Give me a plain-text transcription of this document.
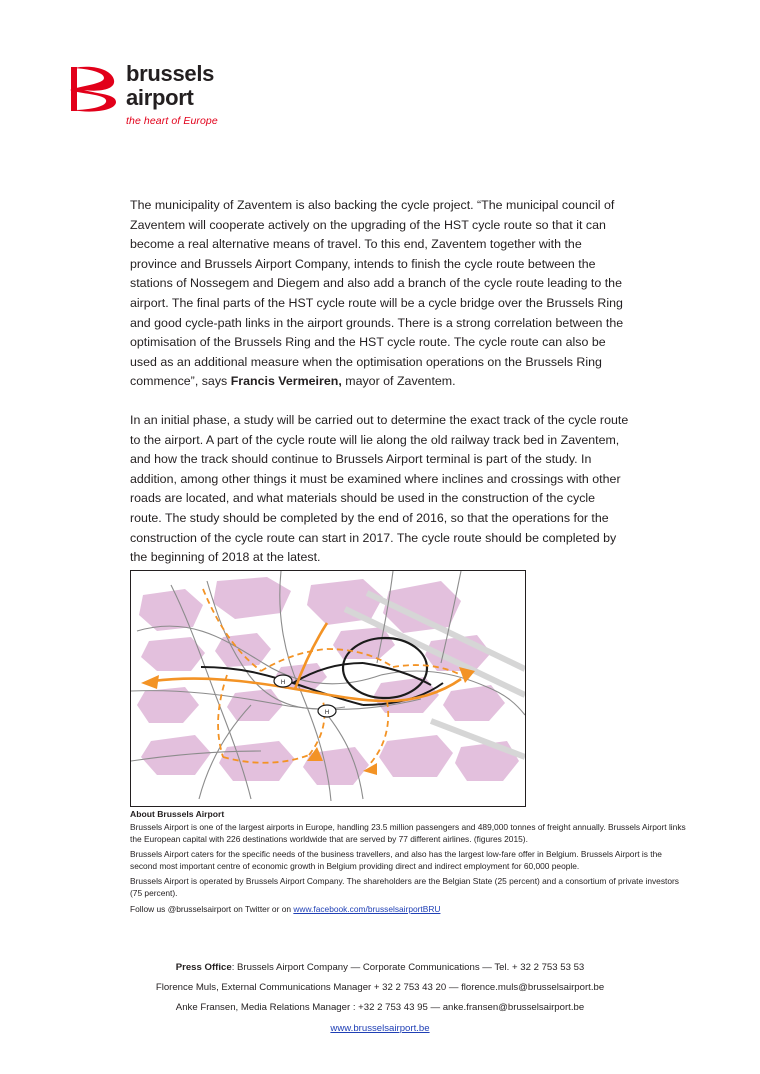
brussels
airport
the heart of Europe

The municipality of Zaventem is also backing the cycle project. “The municipal council of Zaventem will cooperate actively on the upgrading of the HST cycle route so that it can become a real alternative means of travel. To this end, Zaventem together with the province and Brussels Airport Company, intends to finish the cycle route between the stations of Nossegem and Diegem and also add a branch of the cycle route leading to the airport. The final parts of the HST cycle route will be a cycle bridge over the Brussels Ring and good cycle-path links in the airport grounds. There is a strong correlation between the optimisation of the Brussels Ring and the HST cycle route. The cycle route can also be used as an additional measure when the optimisation operations on the Brussels Ring commence”, says Francis Vermeiren, mayor of Zaventem.

In an initial phase, a study will be carried out to determine the exact track of the cycle route to the airport. A part of the cycle route will lie along the old railway track bed in Zaventem, and how the track should continue to Brussels Airport terminal is part of the study. In addition, among other things it must be examined where inclines and crossings with other roads are located, and what materials should be used in the construction of the cycle route. The study should be completed by the end of 2016, so that the operations for the construction of the cycle route can start in 2017. The cycle route should be completed by the beginning of 2018 at the latest.

H
H

About Brussels Airport

Brussels Airport is one of the largest airports in Europe, handling 23.5 million passengers and 489,000 tonnes of freight annually. Brussels Airport links the European capital with 226 destinations worldwide that are served by 77 different airlines. (figures 2015).

Brussels Airport caters for the specific needs of the business travellers, and also has the largest low-fare offer in Belgium. Brussels Airport is the second most important centre of economic growth in Belgium providing direct and indirect employment for 60,000 people.

Brussels Airport is operated by Brussels Airport Company. The shareholders are the Belgian State (25 percent) and a consortium of private investors (75 percent).

Follow us @brusselsairport on Twitter or on www.facebook.com/brusselsairportBRU

Press Office: Brussels Airport Company — Corporate Communications — Tel. + 32 2 753 53 53
Florence Muls, External Communications Manager + 32 2 753 43 20 — florence.muls@brusselsairport.be
Anke Fransen, Media Relations Manager : +32 2 753 43 95 — anke.fransen@brusselsairport.be
www.brusselsairport.be
